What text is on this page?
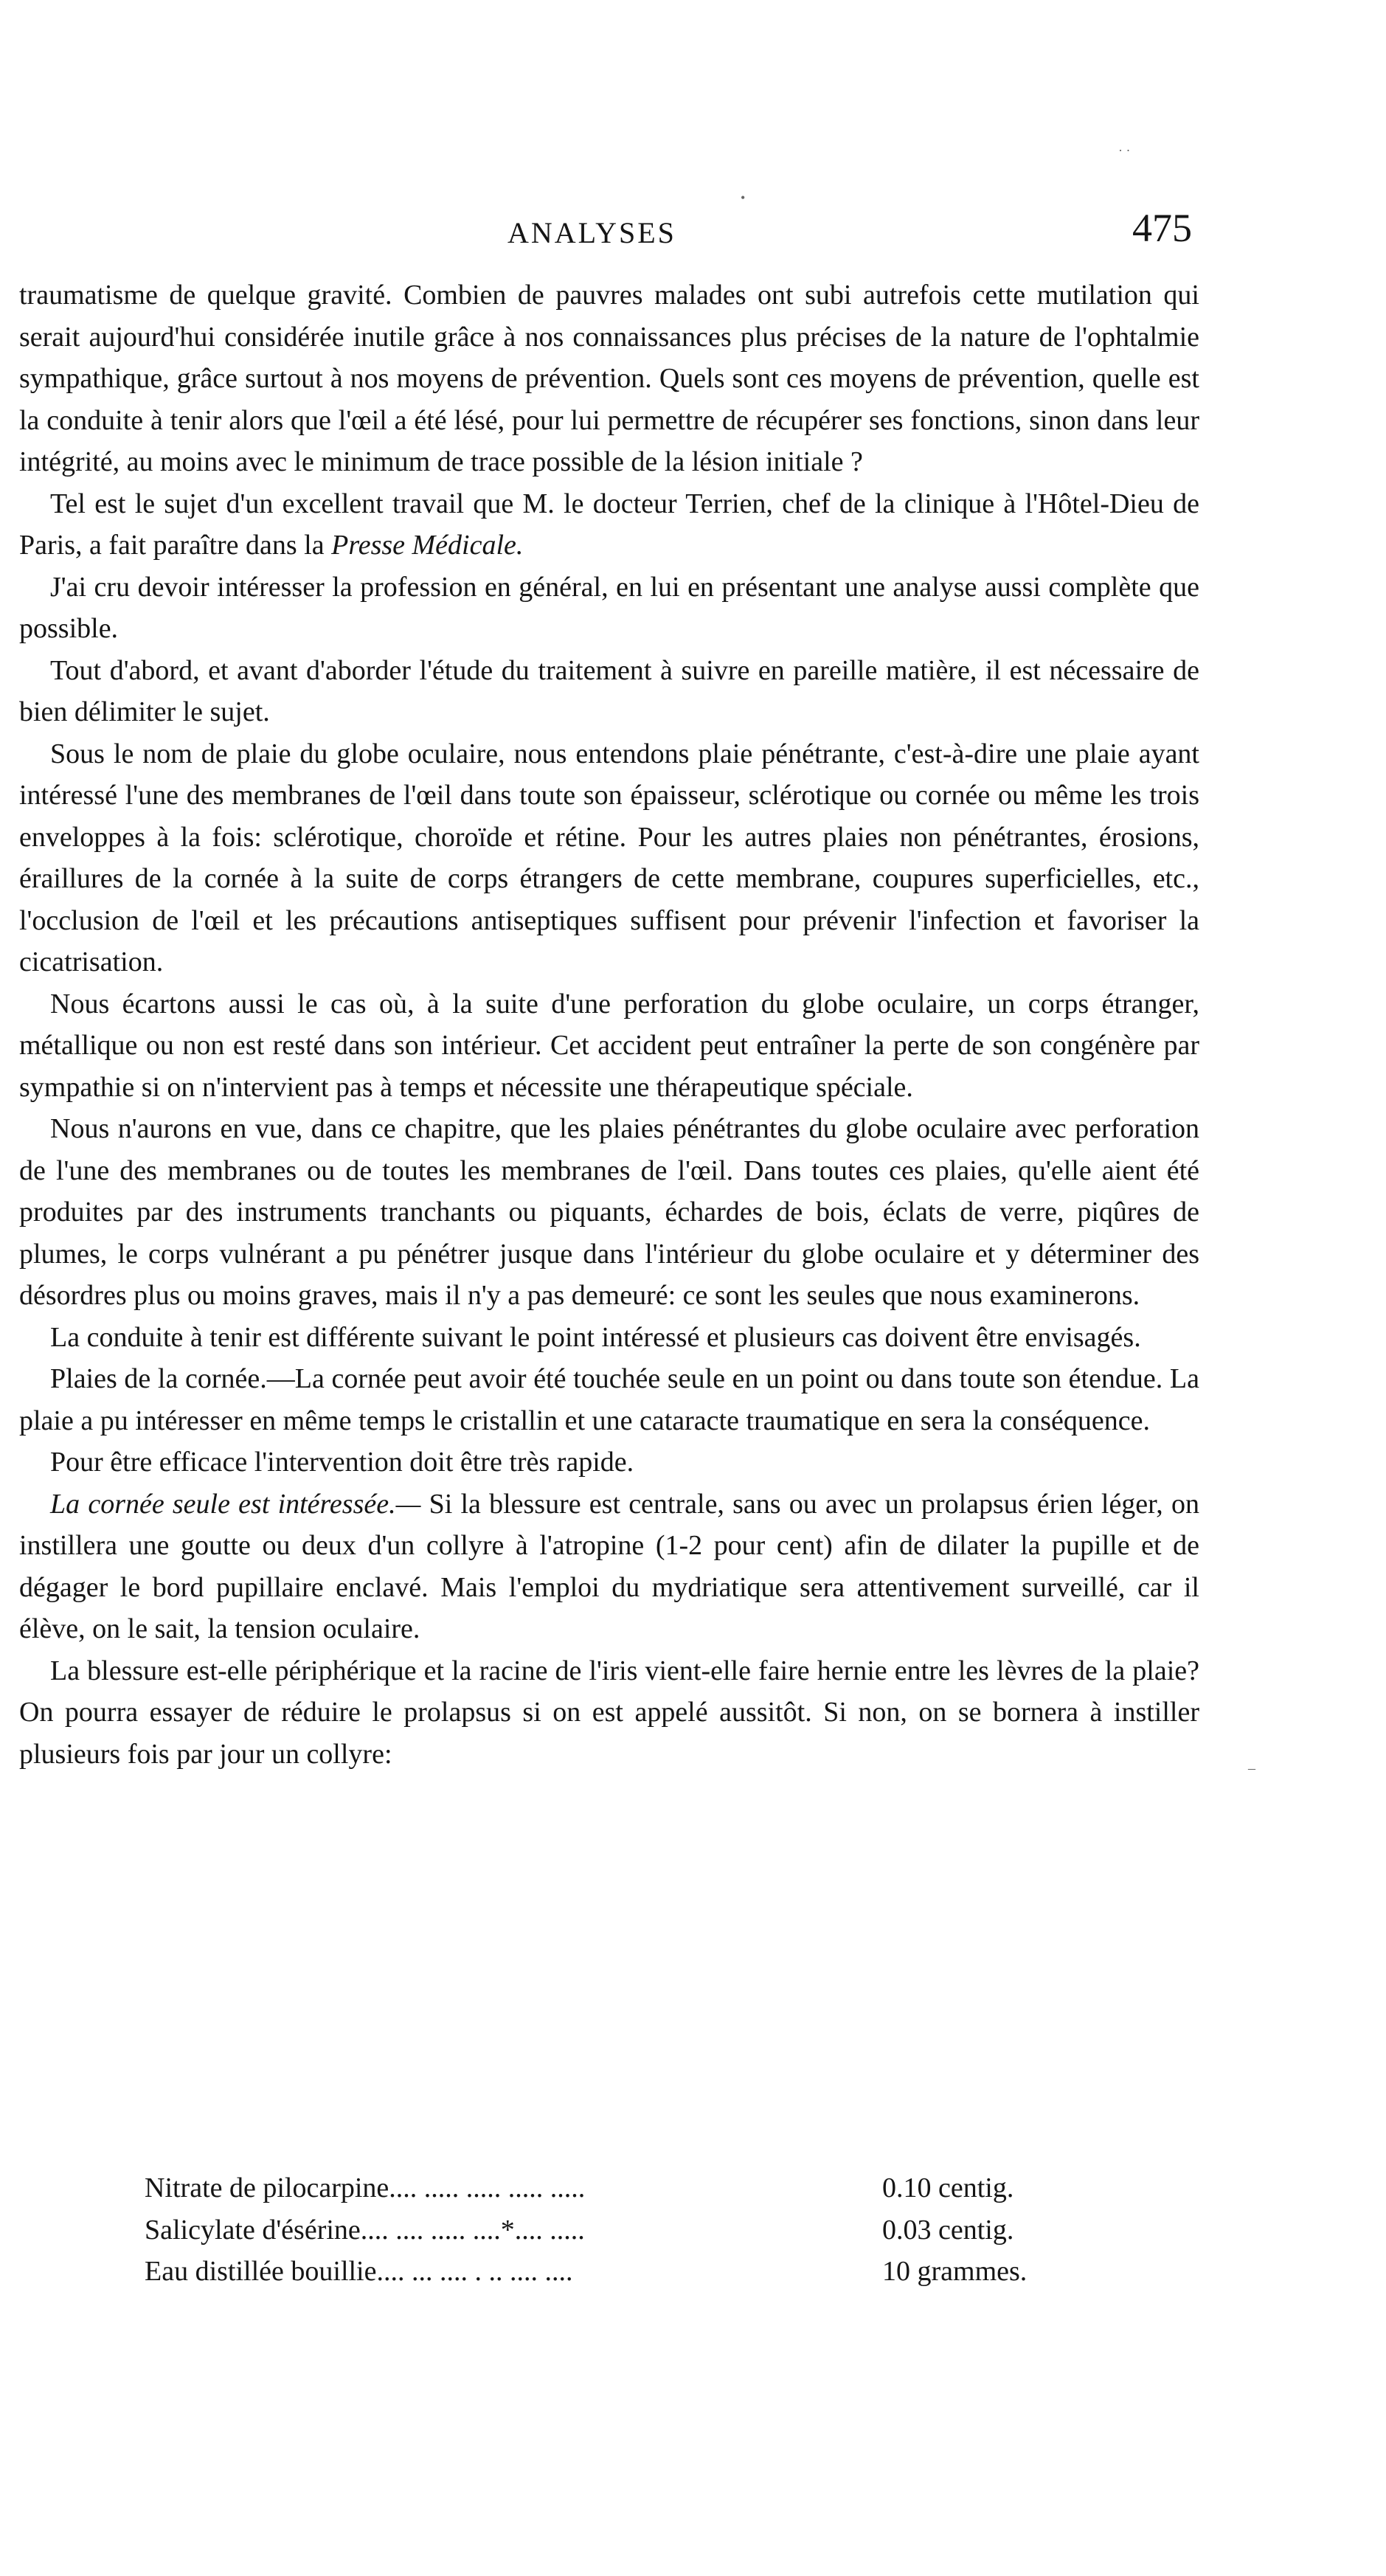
ANALYSES	475

traumatisme de quelque gravité. Combien de pauvres malades ont subi autrefois cette mutilation qui serait aujourd'hui considérée inutile grâce à nos connaissances plus précises de la nature de l'ophtalmie sympathique, grâce surtout à nos moyens de prévention. Quels sont ces moyens de prévention, quelle est la conduite à tenir alors que l'œil a été lésé, pour lui permettre de récupérer ses fonctions, sinon dans leur intégrité, au moins avec le minimum de trace possible de la lésion initiale ?

Tel est le sujet d'un excellent travail que M. le docteur Terrien, chef de la clinique à l'Hôtel-Dieu de Paris, a fait paraître dans la Presse Médicale.

J'ai cru devoir intéresser la profession en général, en lui en présentant une analyse aussi complète que possible.

Tout d'abord, et avant d'aborder l'étude du traitement à suivre en pareille matière, il est nécessaire de bien délimiter le sujet.

Sous le nom de plaie du globe oculaire, nous entendons plaie pénétrante, c'est-à-dire une plaie ayant intéressé l'une des membranes de l'œil dans toute son épaisseur, sclérotique ou cornée ou même les trois enveloppes à la fois: sclérotique, choroïde et rétine. Pour les autres plaies non pénétrantes, érosions, éraillures de la cornée à la suite de corps étrangers de cette membrane, coupures superficielles, etc., l'occlusion de l'œil et les précautions antiseptiques suffisent pour prévenir l'infection et favoriser la cicatrisation.

Nous écartons aussi le cas où, à la suite d'une perforation du globe oculaire, un corps étranger, métallique ou non est resté dans son intérieur. Cet accident peut entraîner la perte de son congénère par sympathie si on n'intervient pas à temps et nécessite une thérapeutique spéciale.

Nous n'aurons en vue, dans ce chapitre, que les plaies pénétrantes du globe oculaire avec perforation de l'une des membranes ou de toutes les membranes de l'œil. Dans toutes ces plaies, qu'elle aient été produites par des instruments tranchants ou piquants, échardes de bois, éclats de verre, piqûres de plumes, le corps vulnérant a pu pénétrer jusque dans l'intérieur du globe oculaire et y déterminer des désordres plus ou moins graves, mais il n'y a pas demeuré: ce sont les seules que nous examinerons.

La conduite à tenir est différente suivant le point intéressé et plusieurs cas doivent être envisagés.

Plaies de la cornée.—La cornée peut avoir été touchée seule en un point ou dans toute son étendue. La plaie a pu intéresser en même temps le cristallin et une cataracte traumatique en sera la conséquence.

Pour être efficace l'intervention doit être très rapide.

La cornée seule est intéressée.— Si la blessure est centrale, sans ou avec un prolapsus érien léger, on instillera une goutte ou deux d'un collyre à l'atropine (1-2 pour cent) afin de dilater la pupille et de dégager le bord pupillaire enclavé. Mais l'emploi du mydriatique sera attentivement surveillé, car il élève, on le sait, la tension oculaire.

La blessure est-elle périphérique et la racine de l'iris vient-elle faire hernie entre les lèvres de la plaie? On pourra essayer de réduire le prolapsus si on est appelé aussitôt. Si non, on se bornera à instiller plusieurs fois par jour un collyre:

Nitrate de pilocarpine.... ..... ..... ..... .....	0.10 centig.
Salicylate d'ésérine.... .... ..... ....*.... .....	0.03 centig.
Eau distillée bouillie.... ... .... . .. .... ....	10 grammes.
•
–
· ·
